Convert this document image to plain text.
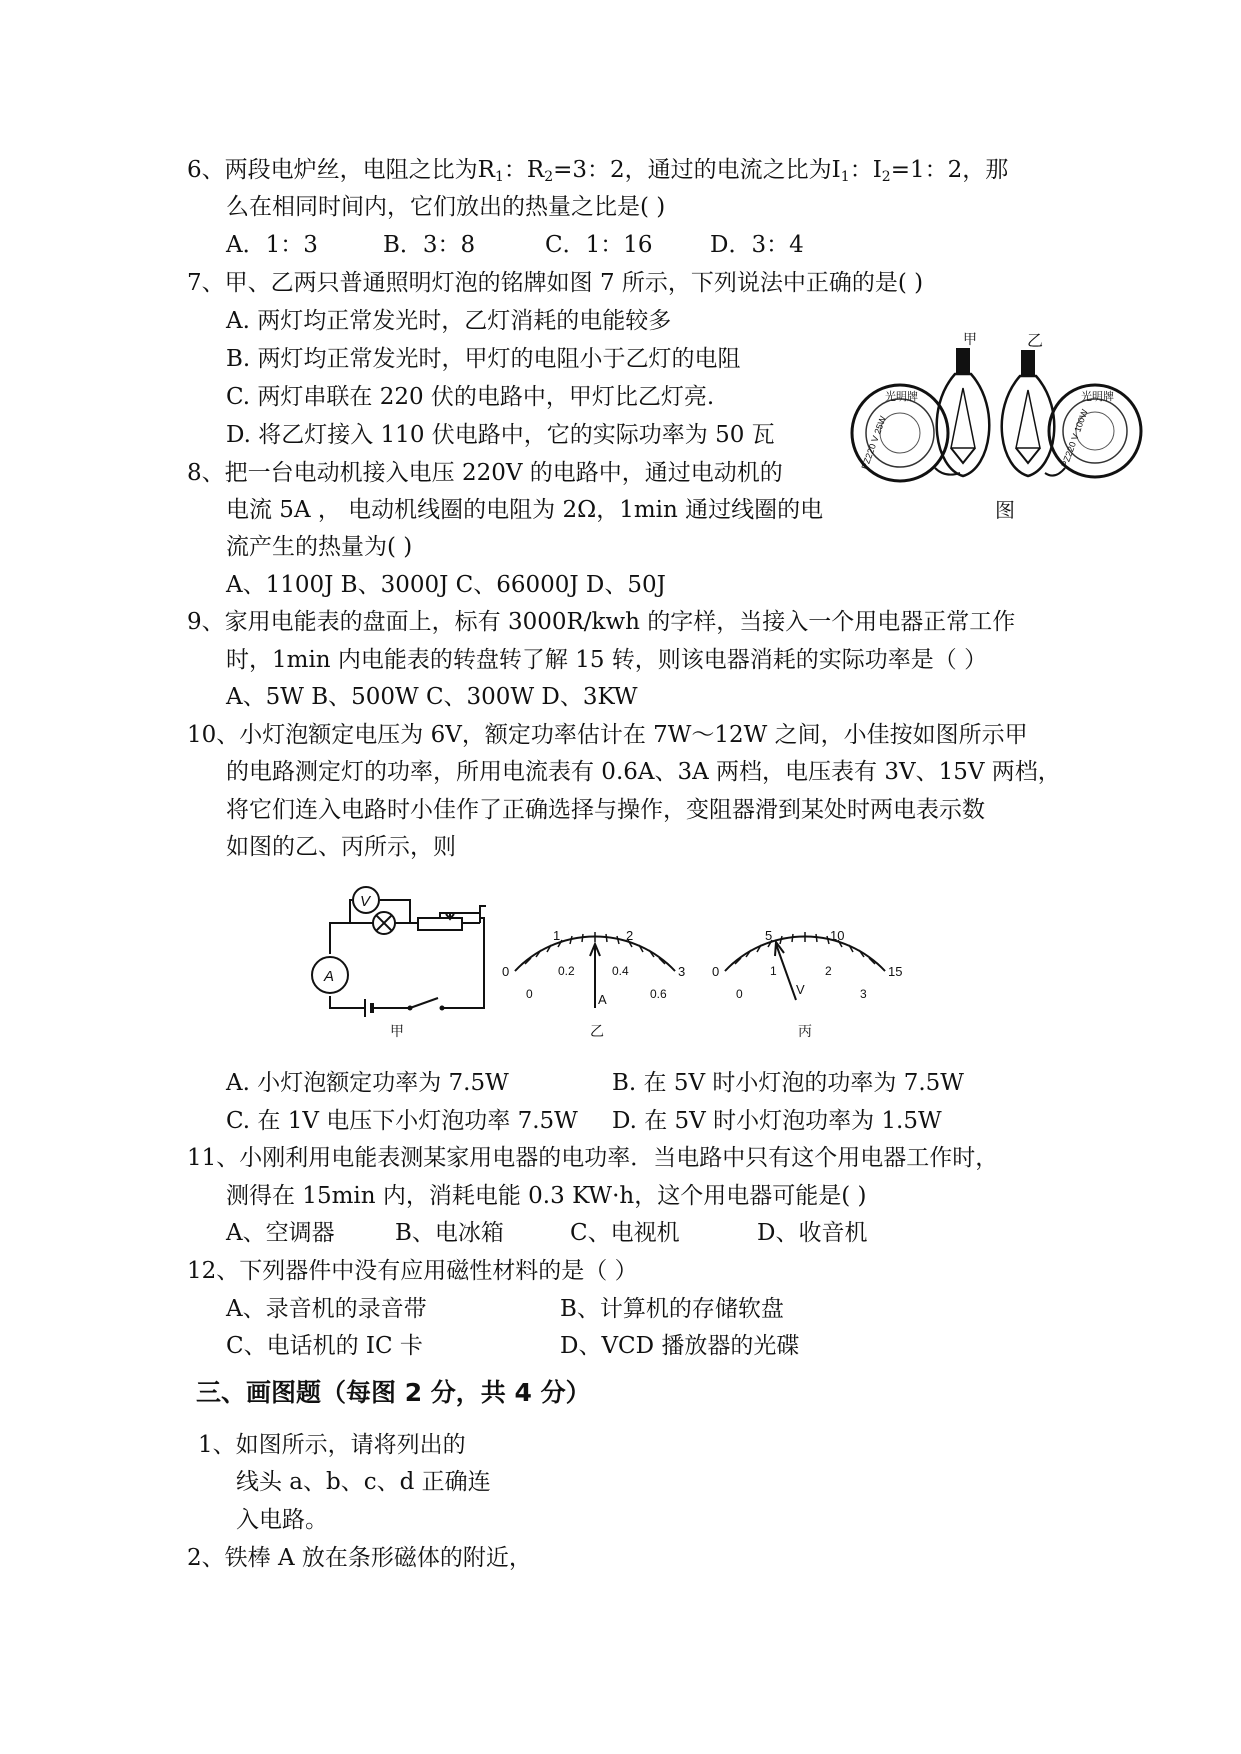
6、两段电炉丝，电阻之比为$R_1$：$R_2=3$：2，通过的电流之比为$I_1$：$I_2=1$：2，那
么在相同时间内，它们放出的热量之比是( )
A．1：3	B．3：8	C．1：16	D．3：4
7、甲、乙两只普通照明灯泡的铭牌如图 7 所示，下列说法中正确的是( )
A. 两灯均正常发光时，乙灯消耗的电能较多
B. 两灯均正常发光时，甲灯的电阻小于乙灯的电阻
C. 两灯串联在 220 伏的电路中，甲灯比乙灯亮.
D. 将乙灯接入 110 伏电路中，它的实际功率为 50 瓦
甲	乙
光明牌
PZ220 V 25W
光明牌
PZ220 V 100W
图
8、把一台电动机接入电压 220V 的电路中，通过电动机的
电流 5A ， 电动机线圈的电阻为 2Ω，1min 通过线圈的电
流产生的热量为( )
A、1100J B、3000J C、66000J D、50J
9、家用电能表的盘面上，标有 3000R/kwh 的字样，当接入一个用电器正常工作
时，1min 内电能表的转盘转了解 15 转，则该电器消耗的实际功率是（ ）
A、5W B、500W C、300W D、3KW
10、小灯泡额定电压为 6V，额定功率估计在 7W～12W 之间，小佳按如图所示甲
的电路测定灯的功率，所用电流表有 0.6A、3A 两档，电压表有 3V、15V 两档，
将它们连入电路时小佳作了正确选择与操作，变阻器滑到某处时两电表示数
如图的乙、丙所示，则
V
A
甲
0
1	2
3
0
0.2	0.4
0.6
A
乙
0
5	10
15
0
1	2
3
V
丙
A. 小灯泡额定功率为 7.5W	B. 在 5V 时小灯泡的功率为 7.5W
C. 在 1V 电压下小灯泡功率 7.5W D. 在 5V 时小灯泡功率为 1.5W
11、小刚利用电能表测某家用电器的电功率．当电路中只有这个用电器工作时，
测得在 15min 内，消耗电能 0.3 KW·h，这个用电器可能是( )
A、空调器	B、电冰箱	C、电视机	D、收音机
12、下列器件中没有应用磁性材料的是（ ）
A、录音机的录音带	B、计算机的存储软盘
C、电话机的 IC 卡	D、VCD 播放器的光碟
三、画图题（每图 2 分，共 4 分）
1、如图所示，请将列出的
线头 a、b、c、d 正确连
入电路。
2、铁棒 A 放在条形磁体的附近，
